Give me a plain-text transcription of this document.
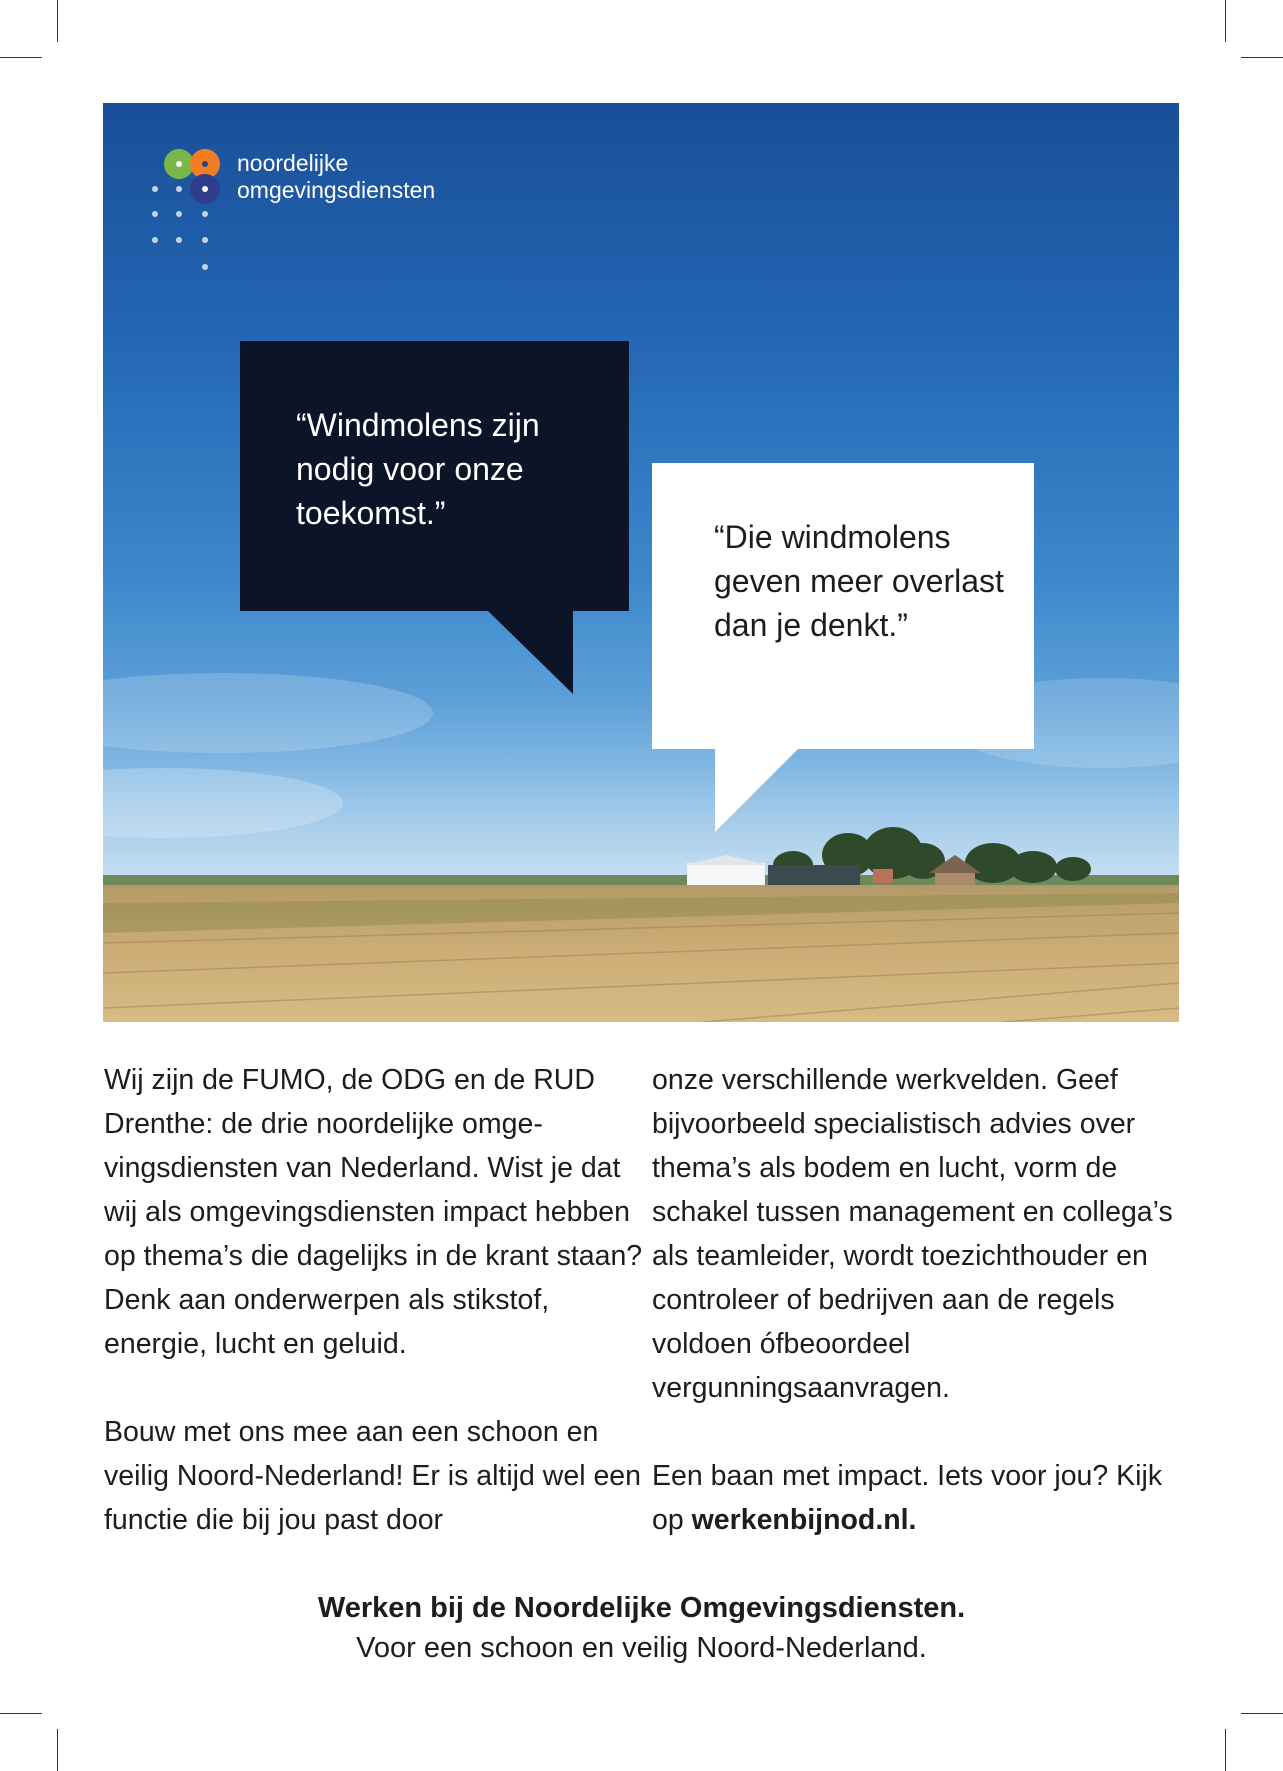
noordelijke
omgevingsdiensten
“Windmolens zijn nodig voor onze toekomst.”
“Die windmolens geven meer overlast dan je denkt.”

Wij zijn de FUMO, de ODG en de RUD Drenthe: de drie noordelijke omgevingsdiensten van Nederland. Wist je dat wij als omgevingsdiensten impact hebben op thema’s die dagelijks in de krant staan? Denk aan onderwerpen als stikstof, energie, lucht en geluid.

Bouw met ons mee aan een schoon en veilig Noord-Nederland! Er is altijd wel een functie die bij jou past door

onze verschillende werkvelden. Geef bijvoorbeeld specialistisch advies over thema’s als bodem en lucht, vorm de schakel tussen management en collega’s als teamleider, wordt toezichthouder en controleer of bedrijven aan de regels voldoen ófbeoordeel vergunningsaanvragen.

Een baan met impact. Iets voor jou? Kijk op werkenbijnod.nl.

Werken bij de Noordelijke Omgevingsdiensten.
Voor een schoon en veilig Noord-Nederland.
